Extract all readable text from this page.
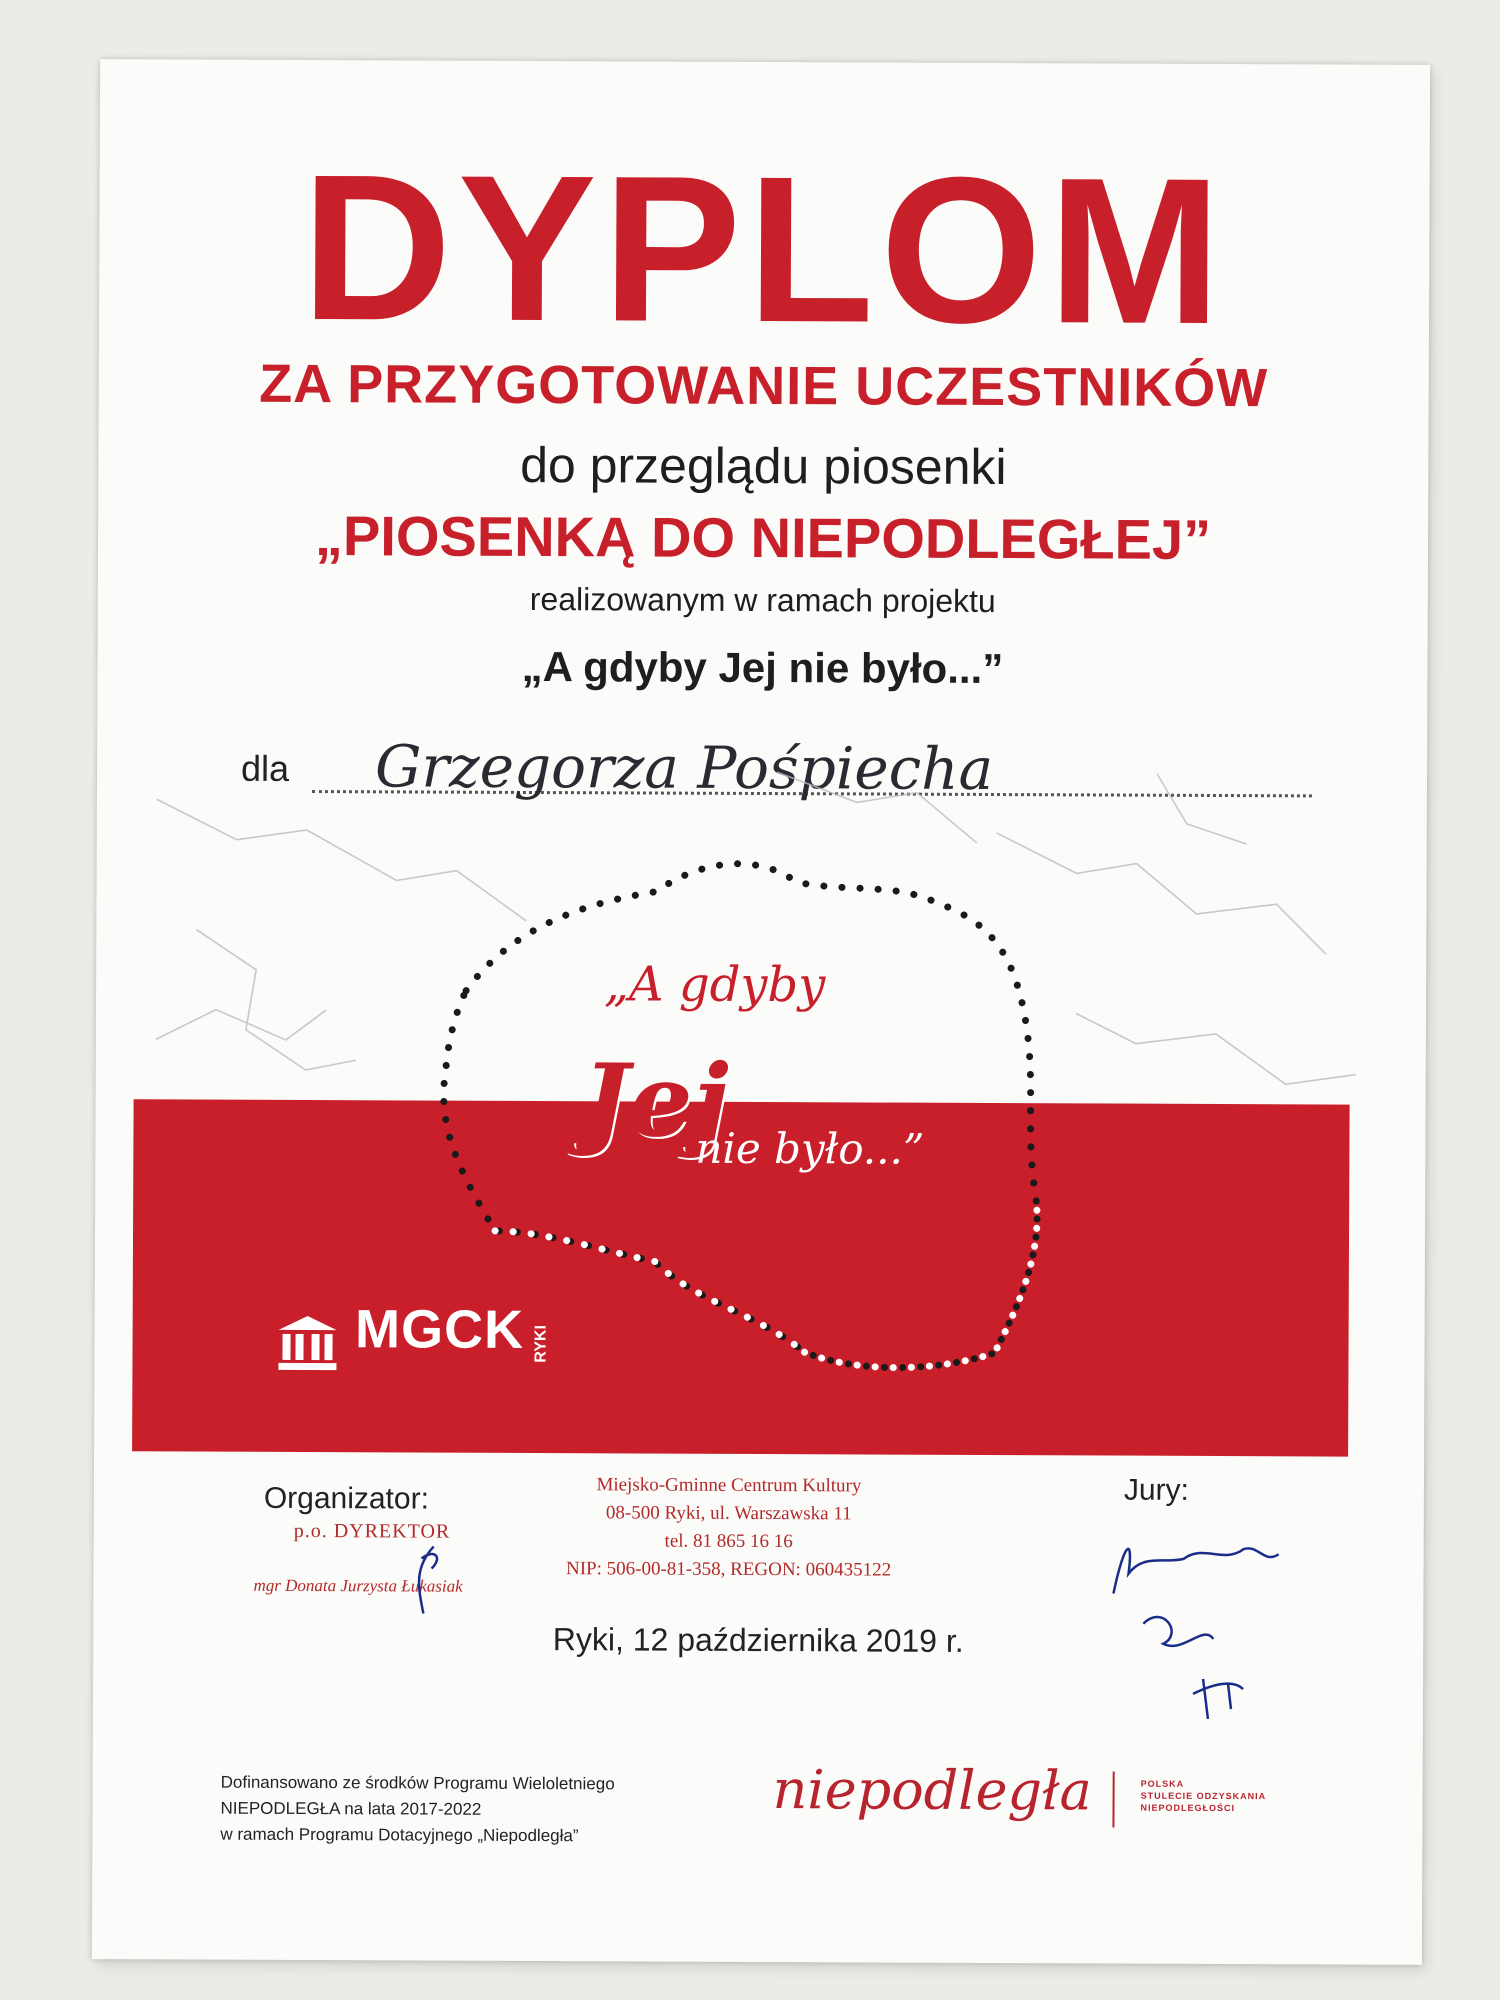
DYPLOM
ZA PRZYGOTOWANIE UCZESTNIKÓW
do przeglądu piosenki
„PIOSENKĄ DO NIEPODLEGŁEJ”
realizowanym w ramach projektu
„A gdyby Jej nie było...”
dla Grzegorza Pośpiecha
„A gdyby
Jej
nie było...”
MGCK RYKI
Organizator:
p.o. DYREKTOR
mgr Donata Jurzysta Łukasiak
Miejsko-Gminne Centrum Kultury
08-500 Ryki, ul. Warszawska 11
tel. 81 865 16 16
NIP: 506-00-81-358, REGON: 060435122
Jury:
Ryki, 12 października 2019 r.
Dofinansowano ze środków Programu Wieloletniego
NIEPODLEGŁA na lata 2017-2022
w ramach Programu Dotacyjnego „Niepodległa”
niepodległa	POLSKA
STULECIE ODZYSKANIA
NIEPODLEGŁOŚCI
